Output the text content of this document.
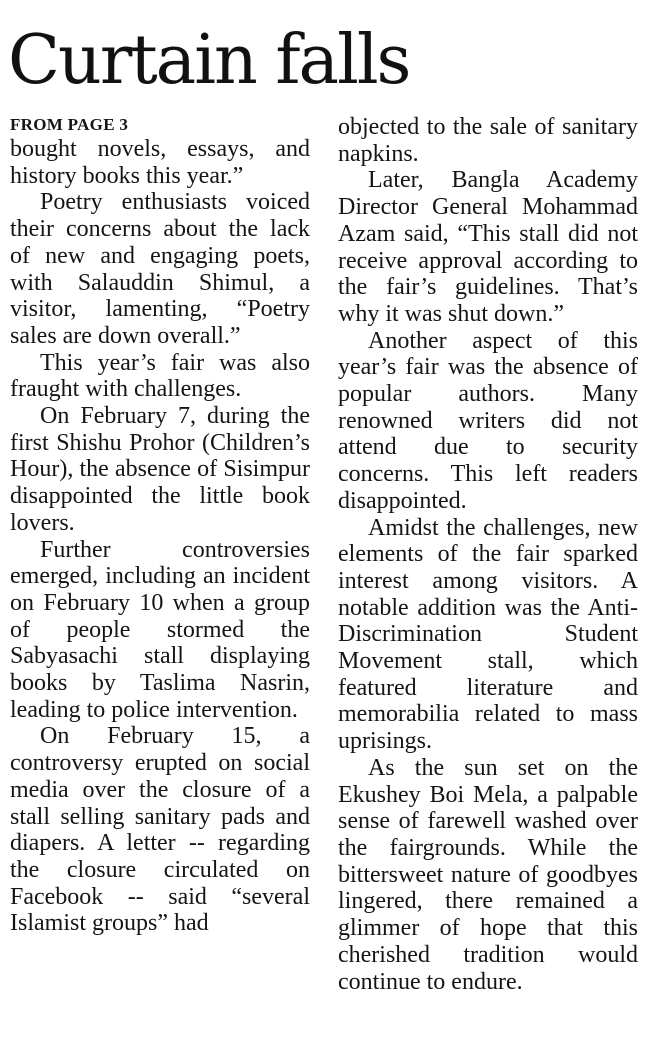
Curtain falls
FROM PAGE 3

bought novels, essays, and history books this year.”

Poetry enthusiasts voiced their concerns about the lack of new and engaging poets, with Salauddin Shimul, a visitor, lamenting, “Poetry sales are down overall.”

This year’s fair was also fraught with challenges.

On February 7, during the first Shishu Prohor (Children’s Hour), the absence of Sisimpur disappointed the little book lovers.

Further controversies emerged, including an incident on February 10 when a group of people stormed the Sabyasachi stall displaying books by Taslima Nasrin, leading to police intervention.

On February 15, a controversy erupted on social media over the closure of a stall selling sanitary pads and diapers. A letter -- regarding the closure circulated on Facebook -- said “several Islamist groups” had

objected to the sale of sanitary napkins.

Later, Bangla Academy Director General Mohammad Azam said, “This stall did not receive approval according to the fair’s guidelines. That’s why it was shut down.”

Another aspect of this year’s fair was the absence of popular authors. Many renowned writers did not attend due to security concerns. This left readers disappointed.

Amidst the challenges, new elements of the fair sparked interest among visitors. A notable addition was the Anti-Discrimination Student Movement stall, which featured literature and memorabilia related to mass uprisings.

As the sun set on the Ekushey Boi Mela, a palpable sense of farewell washed over the fairgrounds. While the bittersweet nature of goodbyes lingered, there remained a glimmer of hope that this cherished tradition would continue to endure.
